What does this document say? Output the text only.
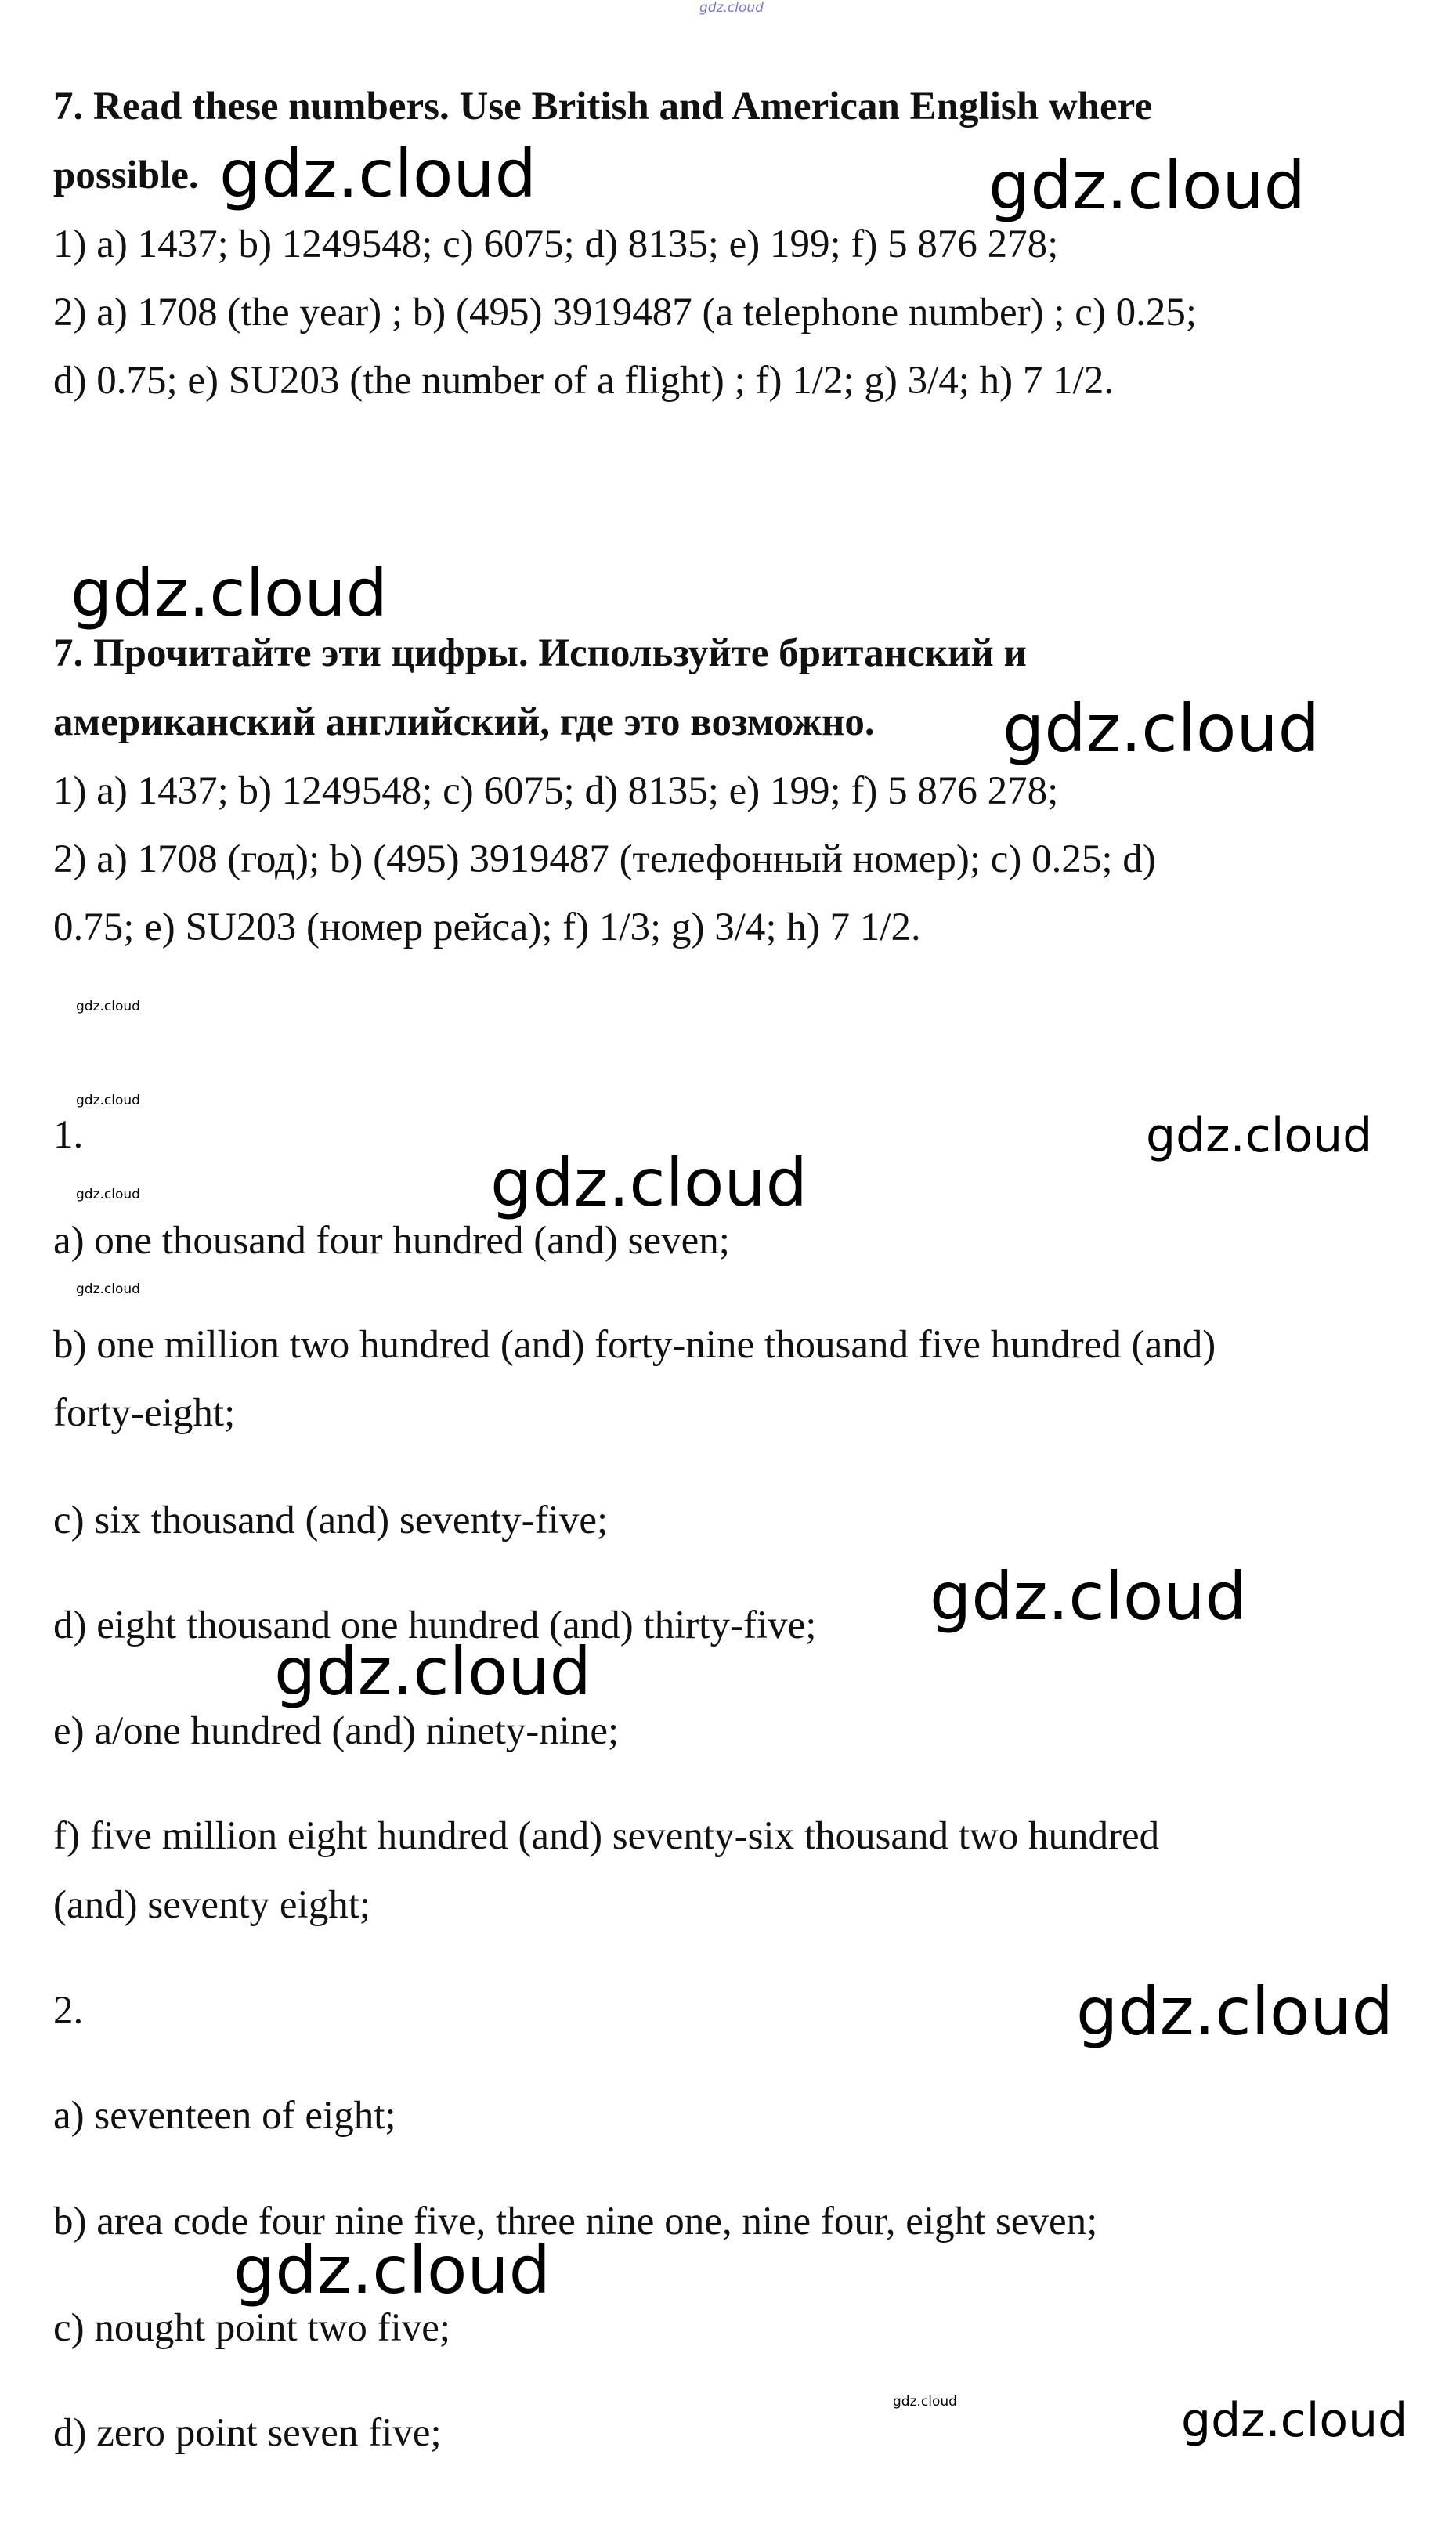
gdz.cloud

7. Read these numbers. Use British and American English where

possible.

1) a) 1437; b) 1249548; c) 6075; d) 8135; e) 199; f) 5 876 278;

2) a) 1708 (the year) ; b) (495) 3919487 (a telephone number) ; c) 0.25;

d) 0.75; e) SU203 (the number of a flight) ; f) 1/2; g) 3/4; h) 7 1/2.

7. Прочитайте эти цифры. Используйте британский и

американский английский, где это возможно.

1) a) 1437; b) 1249548; c) 6075; d) 8135; e) 199; f) 5 876 278;

2) a) 1708 (год); b) (495) 3919487 (телефонный номер); c) 0.25; d)

0.75; e) SU203 (номер рейса); f) 1/3; g) 3/4; h) 7 1/2.

1.

a) one thousand four hundred (and) seven;

b) one million two hundred (and) forty-nine thousand five hundred (and)

forty-eight;

c) six thousand (and) seventy-five;

d) eight thousand one hundred (and) thirty-five;

e) a/one hundred (and) ninety-nine;

f) five million eight hundred (and) seventy-six thousand two hundred

(and) seventy eight;

2.

a) seventeen of eight;

b) area code four nine five, three nine one, nine four, eight seven;

c) nought point two five;

d) zero point seven five;

gdz.cloud	gdz.cloud
gdz.cloud
gdz.cloud
gdz.cloud
gdz.cloud
gdz.cloud
gdz.cloud
gdz.cloud
gdz.cloud
gdz.cloud
gdz.cloud
gdz.cloud
gdz.cloud
gdz.cloud	gdz.cloud
